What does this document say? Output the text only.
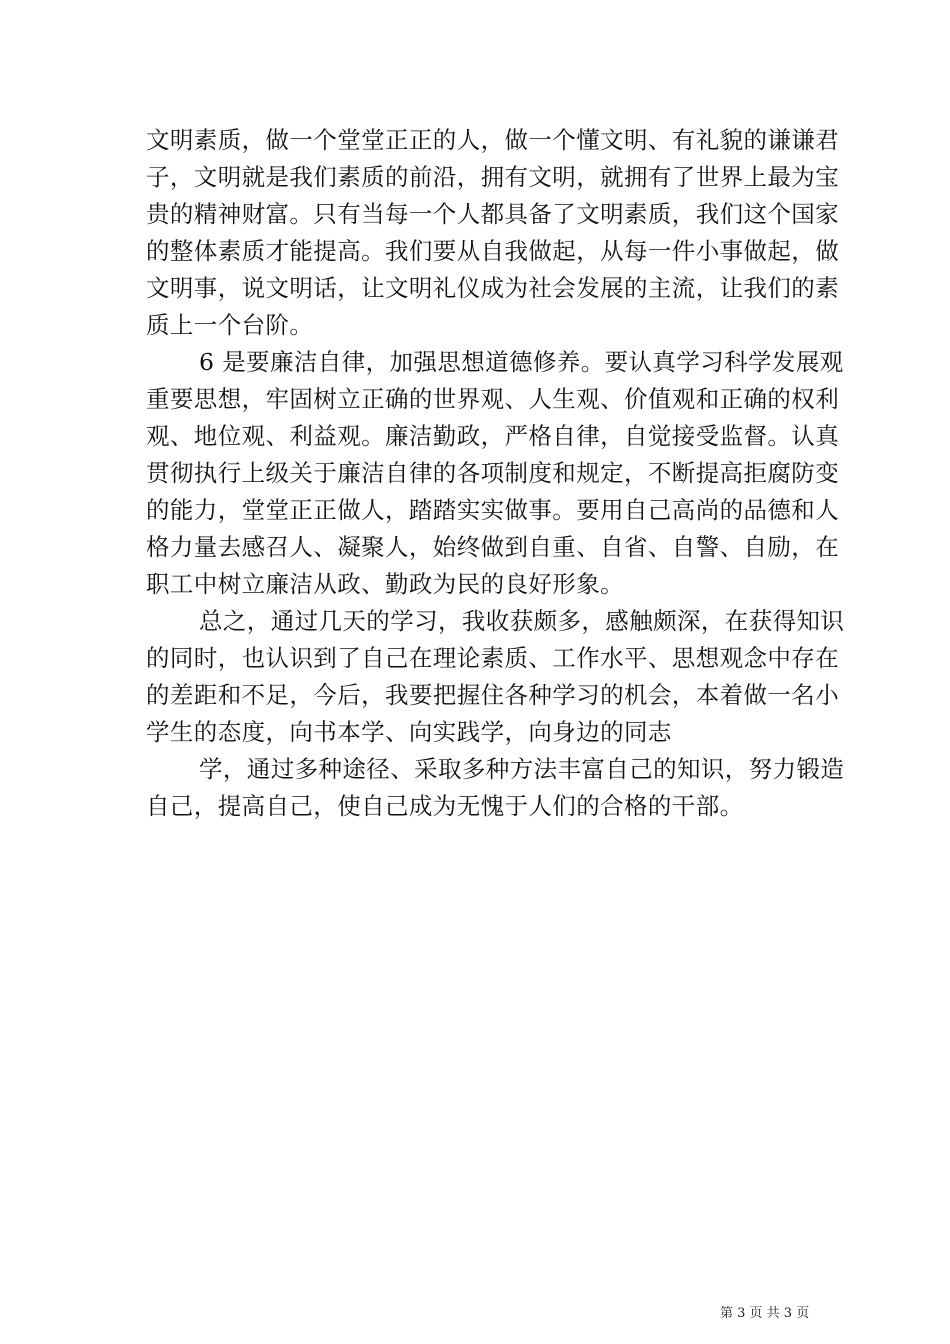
文明素质，做一个堂堂正正的人，做一个懂文明、有礼貌的谦谦君
子，文明就是我们素质的前沿，拥有文明，就拥有了世界上最为宝
贵的精神财富。只有当每一个人都具备了文明素质，我们这个国家
的整体素质才能提高。我们要从自我做起，从每一件小事做起，做
文明事，说文明话，让文明礼仪成为社会发展的主流，让我们的素
质上一个台阶。
6 是要廉洁自律，加强思想道德修养。要认真学习科学发展观
重要思想，牢固树立正确的世界观、人生观、价值观和正确的权利
观、地位观、利益观。廉洁勤政，严格自律，自觉接受监督。认真
贯彻执行上级关于廉洁自律的各项制度和规定，不断提高拒腐防变
的能力，堂堂正正做人，踏踏实实做事。要用自己高尚的品德和人
格力量去感召人、凝聚人，始终做到自重、自省、自警、自励，在
职工中树立廉洁从政、勤政为民的良好形象。
总之，通过几天的学习，我收获颇多，感触颇深，在获得知识
的同时，也认识到了自己在理论素质、工作水平、思想观念中存在
的差距和不足，今后，我要把握住各种学习的机会，本着做一名小
学生的态度，向书本学、向实践学，向身边的同志
学，通过多种途径、采取多种方法丰富自己的知识，努力锻造
自己，提高自己，使自己成为无愧于人们的合格的干部。
第 3 页 共 3 页
